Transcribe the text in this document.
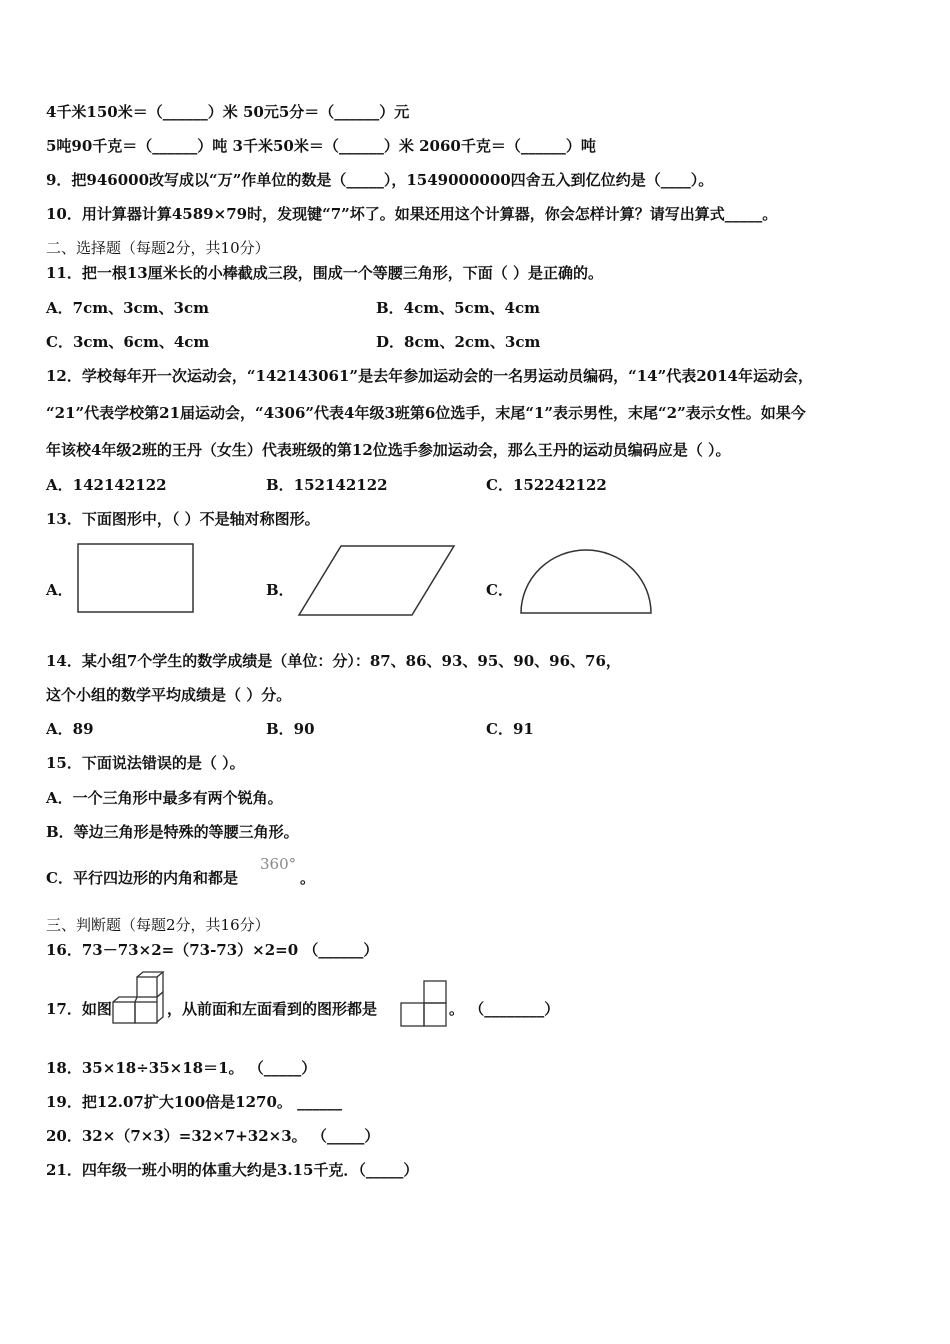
4千米150米＝（______）米 50元5分＝（______）元
5吨90千克＝（______）吨 3千米50米＝（______）米 2060千克＝（______）吨
9．把946000改写成以“万”作单位的数是（_____），1549000000四舍五入到亿位约是（____）。
10．用计算器计算4589×79时，发现键“7”坏了。如果还用这个计算器，你会怎样计算？请写出算式_____。
二、选择题（每题2分，共10分）
11．把一根13厘米长的小棒截成三段，围成一个等腰三角形，下面（ ）是正确的。
A．7cm、3cm、3cm	B．4cm、5cm、4cm
C．3cm、6cm、4cm	D．8cm、2cm、3cm
12．学校每年开一次运动会，“142143061”是去年参加运动会的一名男运动员编码，“14”代表2014年运动会，
“21”代表学校第21届运动会，“4306”代表4年级3班第6位选手，末尾“1”表示男性，末尾“2”表示女性。如果今
年该校4年级2班的王丹（女生）代表班级的第12位选手参加运动会，那么王丹的运动员编码应是（ ）。
A．142142122	B．152142122	C．152242122
13．下面图形中，（ ）不是轴对称图形。
A．	B．	C．
14．某小组7个学生的数学成绩是（单位：分）：87、86、93、95、90、96、76，
这个小组的数学平均成绩是（ ）分。
A．89	B．90	C．91
15．下面说法错误的是（ ）。
A．一个三角形中最多有两个锐角。
B．等边三角形是特殊的等腰三角形。
C．平行四边形的内角和都是
360°
。
三、判断题（每题2分，共16分）
16．73－73×2=（73-73）×2=0 （______）
17．如图	，从前面和左面看到的图形都是	。 （________）
18．35×18÷35×18＝1。 （_____）
19．把12.07扩大100倍是1270。 ______
20．32×（7×3）=32×7+32×3。 （_____）
21．四年级一班小明的体重大约是3.15千克．（_____）
